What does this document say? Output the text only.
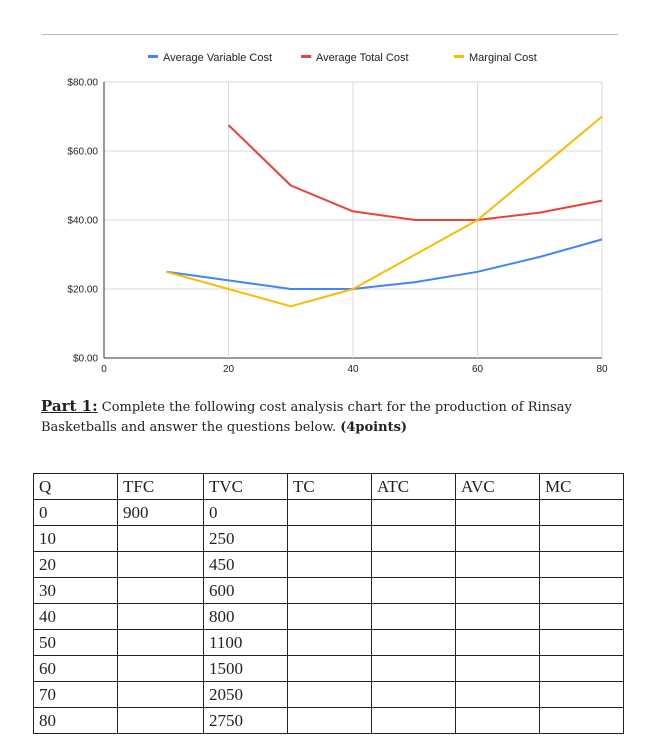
Average Variable Cost	Average Total Cost	Marginal Cost
$0.00
$20.00
$40.00
$60.00
$80.00
0	20	40	60	80
Part 1: Complete the following cost analysis chart for the production of Rinsay Basketballs and answer the questions below. (4points)
Q	TFC	TVC	TC	ATC	AVC	MC
0	900	0				
10		250				
20		450				
30		600				
40		800				
50		1100				
60		1500				
70		2050				
80		2750				
